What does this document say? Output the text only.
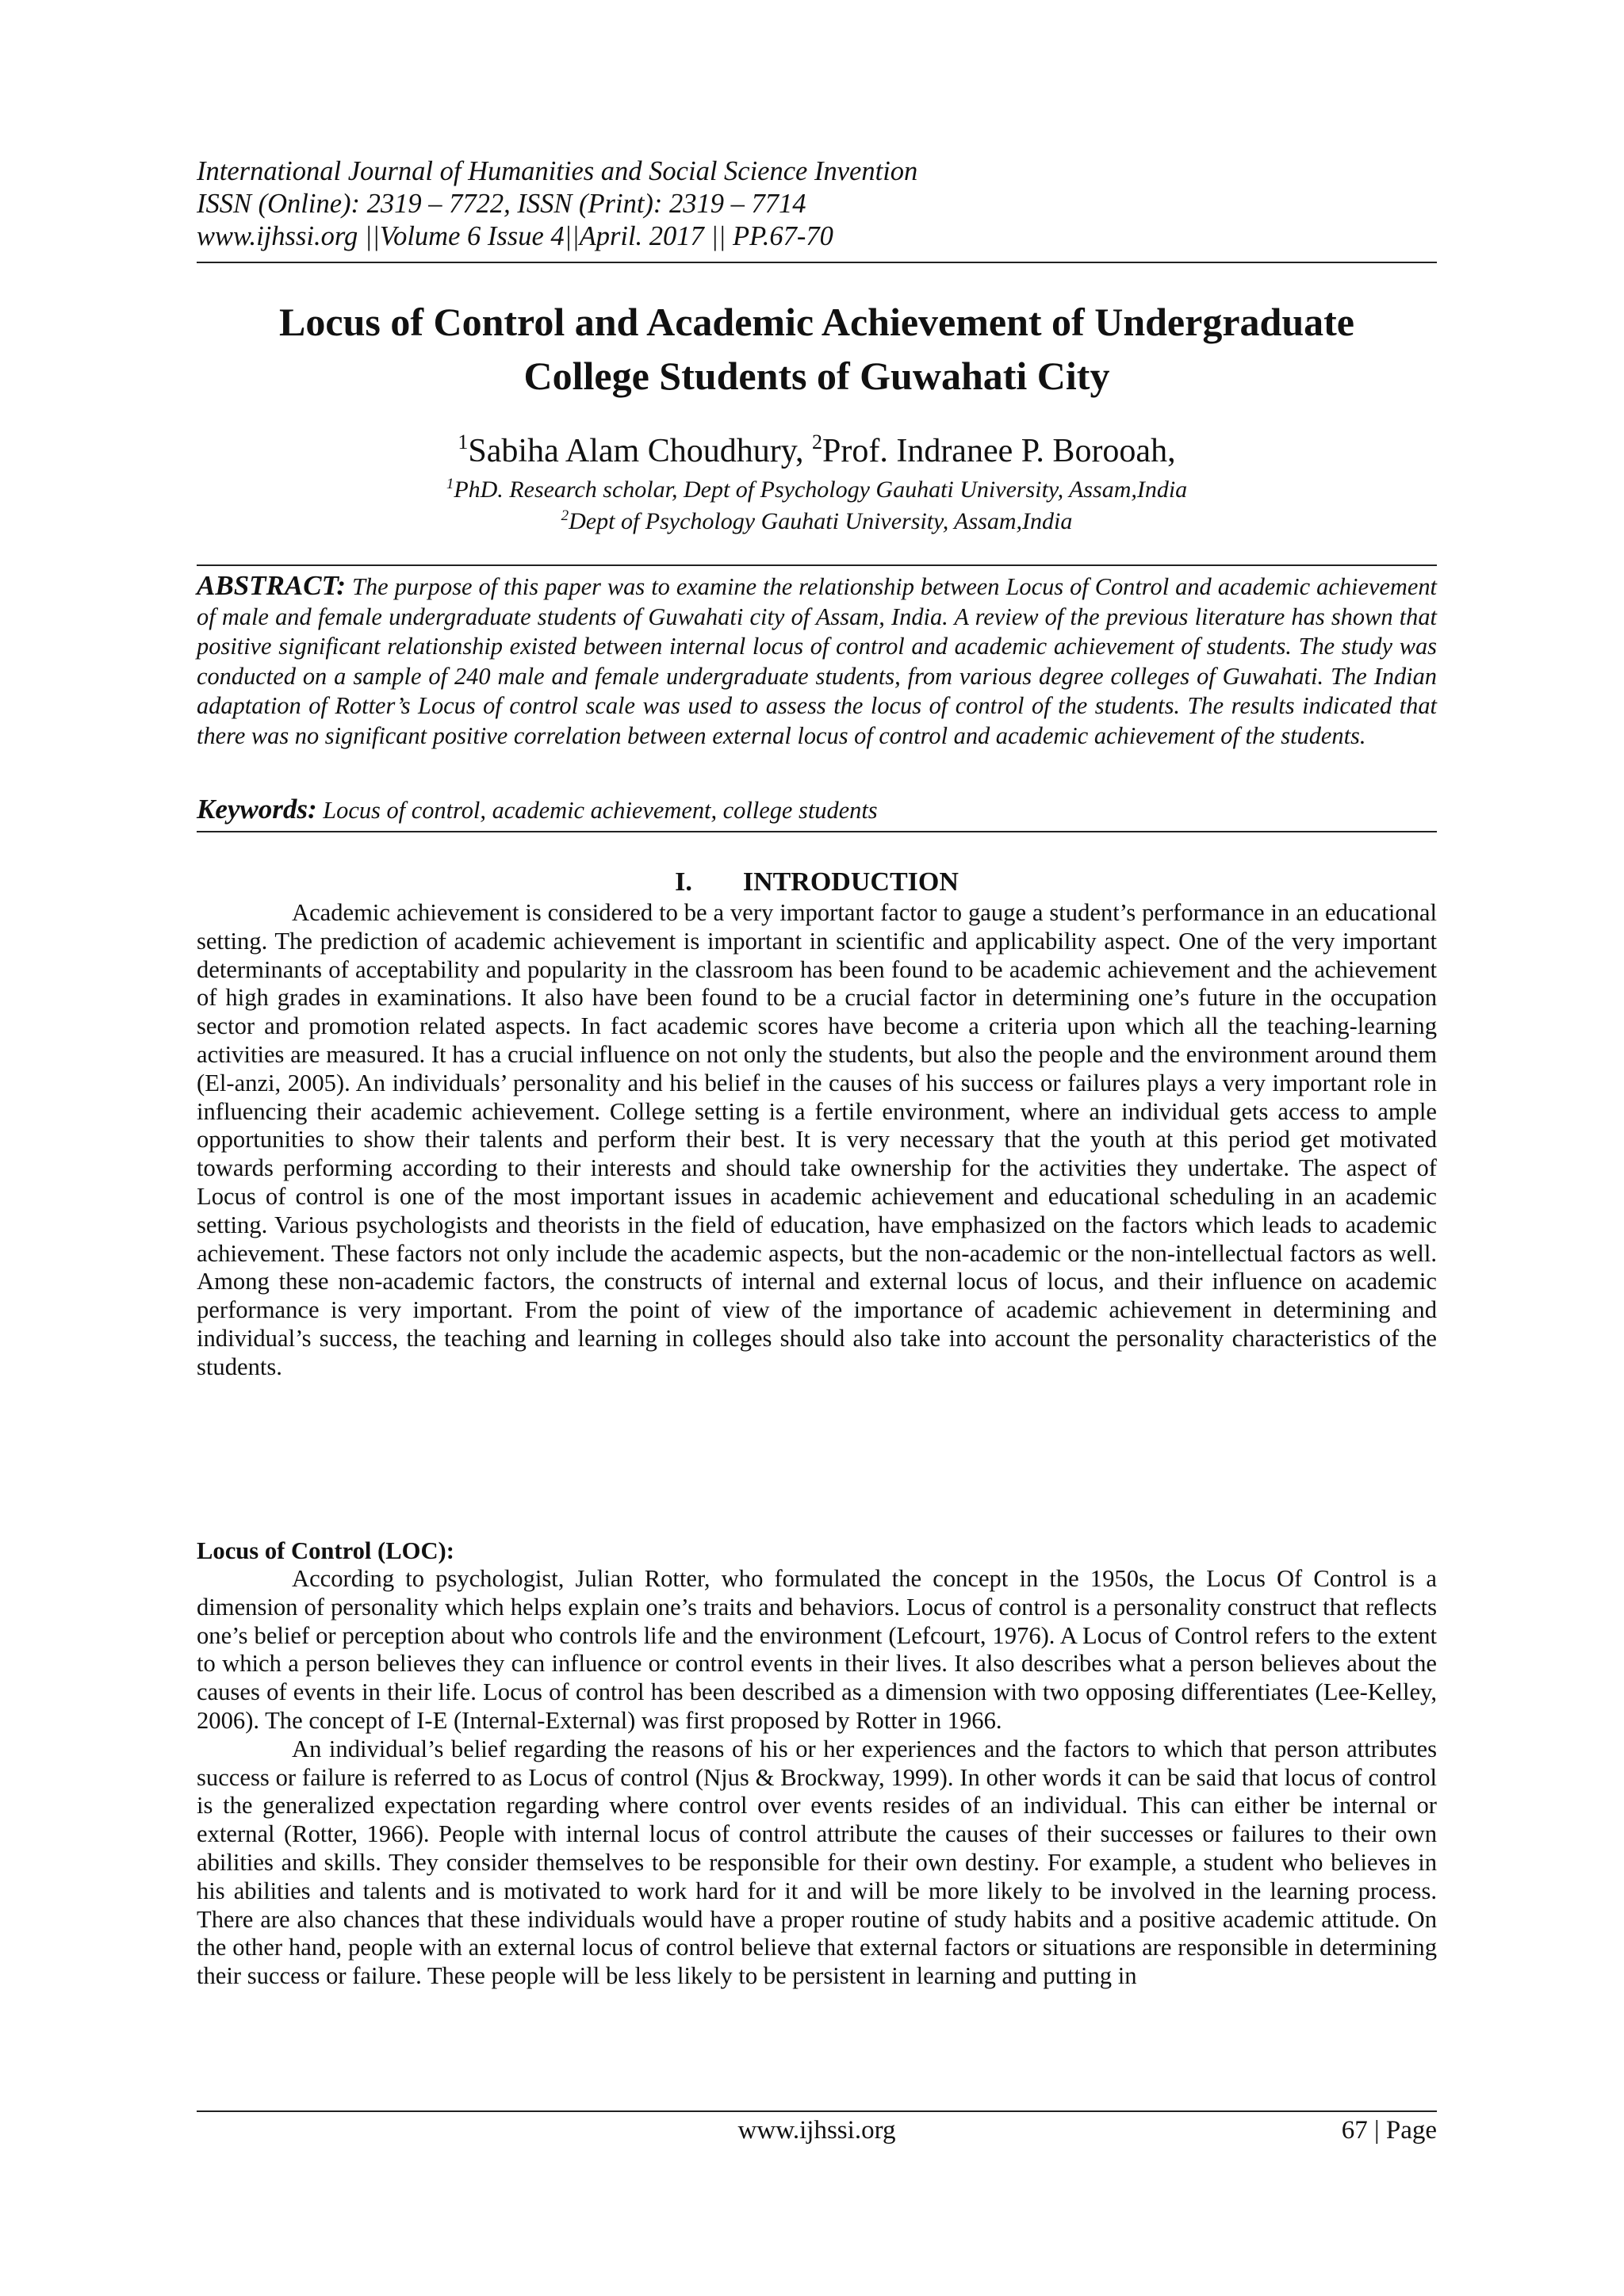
International Journal of Humanities and Social Science Invention
ISSN (Online): 2319 – 7722, ISSN (Print): 2319 – 7714
www.ijhssi.org ||Volume 6 Issue 4||April. 2017 || PP.67-70
Locus of Control and Academic Achievement of Undergraduate
College Students of Guwahati City
$^1$Sabiha Alam Choudhury, $^2$Prof. Indranee P. Borooah,
$^1$PhD. Research scholar, Dept of Psychology Gauhati University, Assam,India
$^2$Dept of Psychology Gauhati University, Assam,India
ABSTRACT: The purpose of this paper was to examine the relationship between Locus of Control and academic achievement of male and female undergraduate students of Guwahati city of Assam, India. A review of the previous literature has shown that positive significant relationship existed between internal locus of control and academic achievement of students. The study was conducted on a sample of 240 male and female undergraduate students, from various degree colleges of Guwahati. The Indian adaptation of Rotter’s Locus of control scale was used to assess the locus of control of the students. The results indicated that there was no significant positive correlation between external locus of control and academic achievement of the students.
Keywords: Locus of control, academic achievement, college students
I. INTRODUCTION

Academic achievement is considered to be a very important factor to gauge a student’s performance in an educational setting. The prediction of academic achievement is important in scientific and applicability aspect. One of the very important determinants of acceptability and popularity in the classroom has been found to be academic achievement and the achievement of high grades in examinations. It also have been found to be a crucial factor in determining one’s future in the occupation sector and promotion related aspects. In fact academic scores have become a criteria upon which all the teaching-learning activities are measured. It has a crucial influence on not only the students, but also the people and the environment around them (El-anzi, 2005). An individuals’ personality and his belief in the causes of his success or failures plays a very important role in influencing their academic achievement. College setting is a fertile environment, where an individual gets access to ample opportunities to show their talents and perform their best. It is very necessary that the youth at this period get motivated towards performing according to their interests and should take ownership for the activities they undertake. The aspect of Locus of control is one of the most important issues in academic achievement and educational scheduling in an academic setting. Various psychologists and theorists in the field of education, have emphasized on the factors which leads to academic achievement. These factors not only include the academic aspects, but the non-academic or the non-intellectual factors as well. Among these non-academic factors, the constructs of internal and external locus of locus, and their influence on academic performance is very important. From the point of view of the importance of academic achievement in determining and individual’s success, the teaching and learning in colleges should also take into account the personality characteristics of the students.

Locus of Control (LOC):

According to psychologist, Julian Rotter, who formulated the concept in the 1950s, the Locus Of Control is a dimension of personality which helps explain one’s traits and behaviors. Locus of control is a personality construct that reflects one’s belief or perception about who controls life and the environment (Lefcourt, 1976). A Locus of Control refers to the extent to which a person believes they can influence or control events in their lives. It also describes what a person believes about the causes of events in their life. Locus of control has been described as a dimension with two opposing differentiates (Lee-Kelley, 2006). The concept of I-E (Internal-External) was first proposed by Rotter in 1966.

An individual’s belief regarding the reasons of his or her experiences and the factors to which that person attributes success or failure is referred to as Locus of control (Njus & Brockway, 1999). In other words it can be said that locus of control is the generalized expectation regarding where control over events resides of an individual. This can either be internal or external (Rotter, 1966). People with internal locus of control attribute the causes of their successes or failures to their own abilities and skills. They consider themselves to be responsible for their own destiny. For example, a student who believes in his abilities and talents and is motivated to work hard for it and will be more likely to be involved in the learning process. There are also chances that these individuals would have a proper routine of study habits and a positive academic attitude. On the other hand, people with an external locus of control believe that external factors or situations are responsible in determining their success or failure. These people will be less likely to be persistent in learning and putting in

www.ijhssi.org	67 | Page
